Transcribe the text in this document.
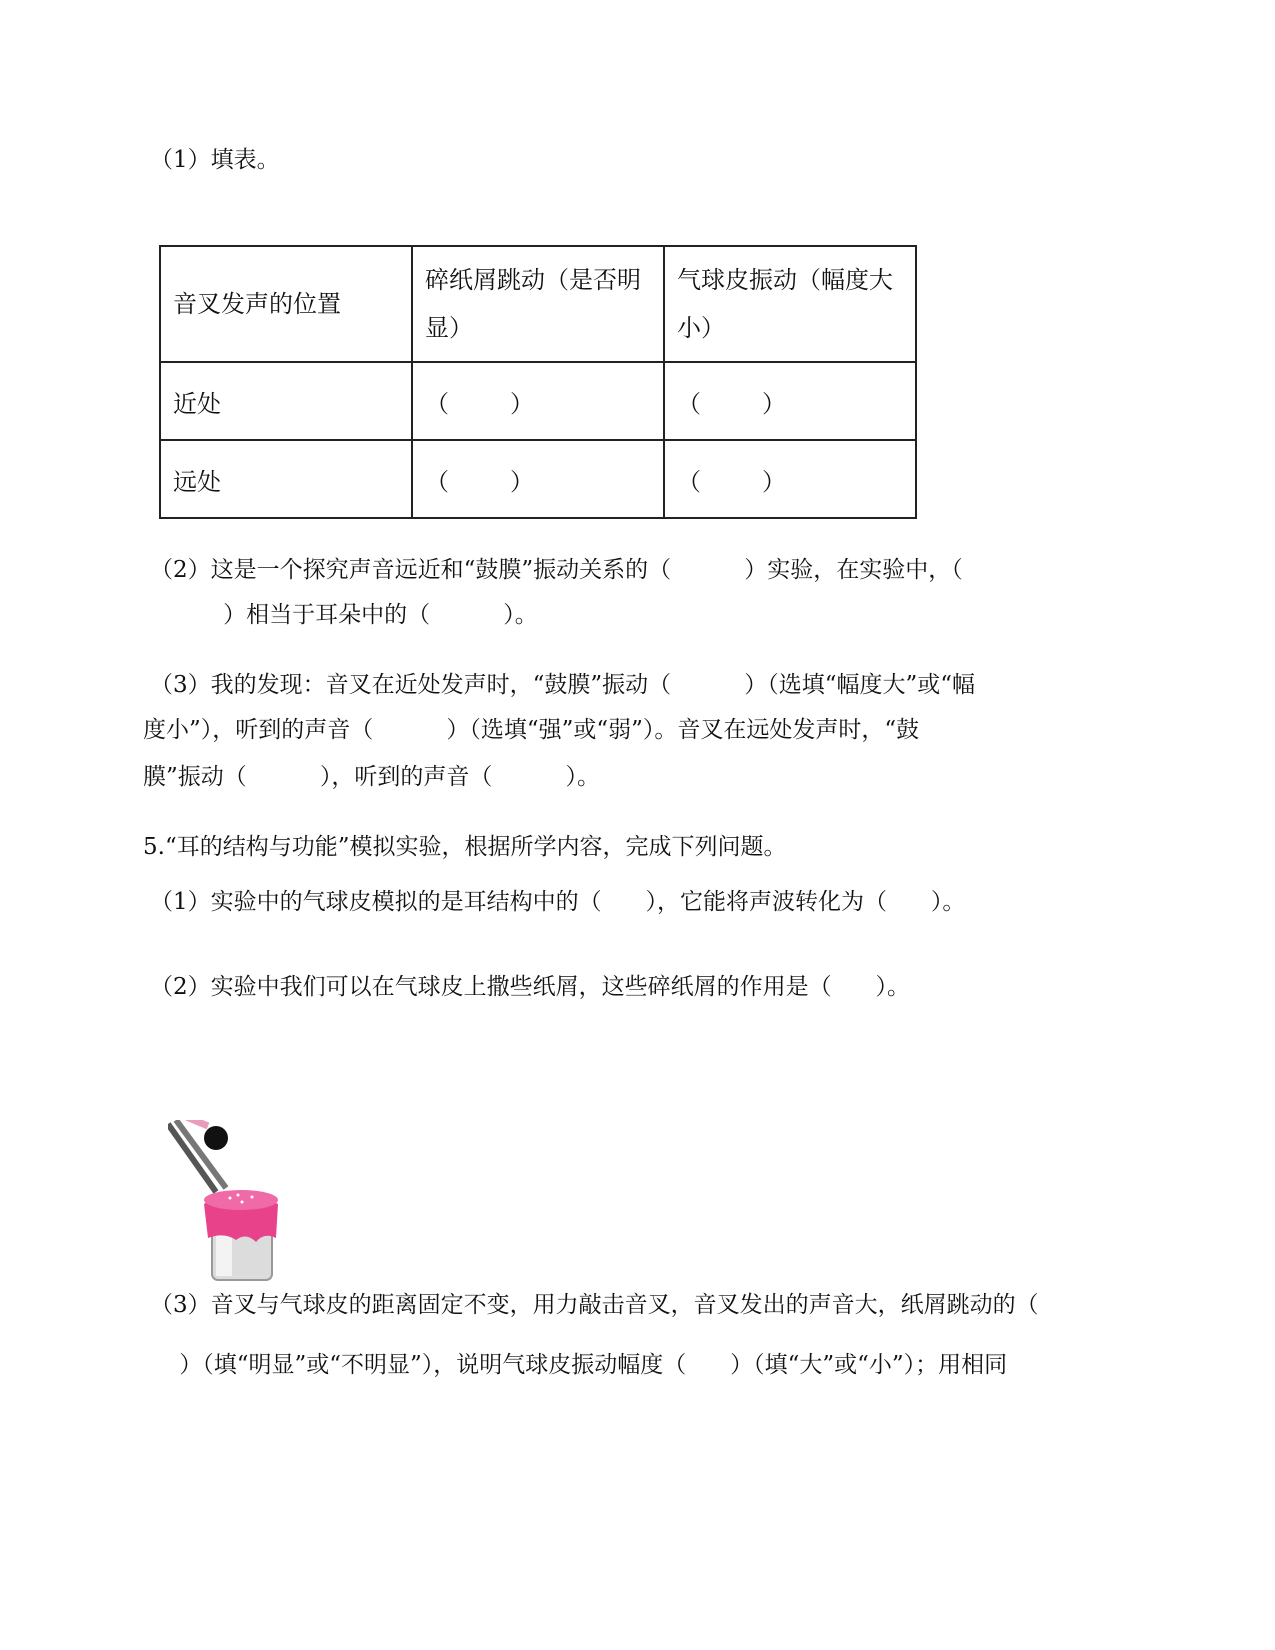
（1）填表。
音叉发声的位置	碎纸屑跳动（是否明显）	气球皮振动（幅度大小）
近处	（        ）	（        ）
远处	（        ）	（        ）
（2）这是一个探究声音远近和“鼓膜”振动关系的（          ）实验，在实验中，（
）相当于耳朵中的（          ）。
（3）我的发现：音叉在近处发声时，“鼓膜”振动（          ）（选填“幅度大”或“幅
度小”），听到的声音（          ）（选填“强”或“弱”）。音叉在远处发声时，“鼓
膜”振动（          ），听到的声音（          ）。
5.“耳的结构与功能”模拟实验，根据所学内容，完成下列问题。
（1）实验中的气球皮模拟的是耳结构中的（      ），它能将声波转化为（      ）。
（2）实验中我们可以在气球皮上撒些纸屑，这些碎纸屑的作用是（      ）。
（3）音叉与气球皮的距离固定不变，用力敲击音叉，音叉发出的声音大，纸屑跳动的（
）（填“明显”或“不明显”），说明气球皮振动幅度（      ）（填“大”或“小”）；用相同
